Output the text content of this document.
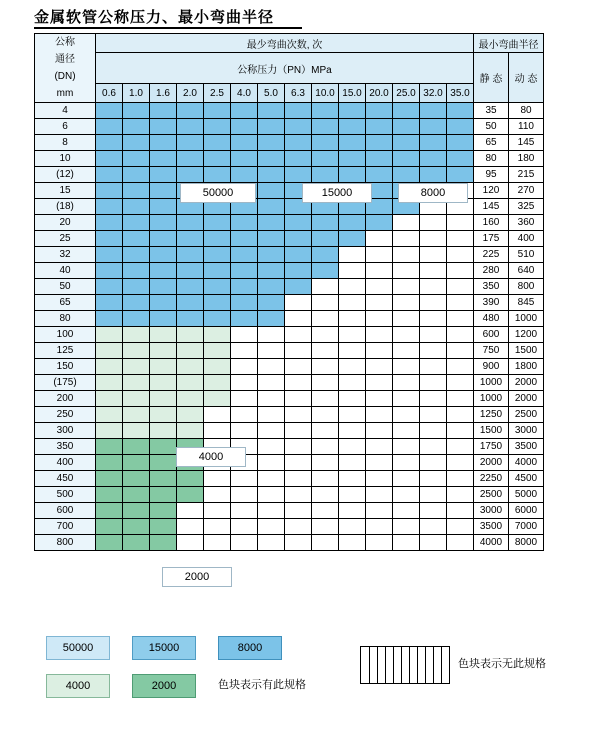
金属软管公称压力、最小弯曲半径
公称
通径
(DN)
mm	最少弯曲次数, 次														最小弯曲半径	
	公称压力（PN）MPa														静 态	动 态
	0.6	1.0	1.6	2.0	2.5	4.0	5.0	6.3	10.0	15.0	20.0	25.0	32.0	35.0		
4															35	80
6															50	110
8															65	145
10															80	180
(12)															95	215
15															120	270
(18)															145	325
20															160	360
25															175	400
32															225	510
40															280	640
50															350	800
65															390	845
80															480	1000
100															600	1200
125															750	1500
150															900	1800
(175)															1000	2000
200															1000	2000
250															1250	2500
300															1500	3000
350															1750	3500
400															2000	4000
450															2250	4500
500															2500	5000
600															3000	6000
700															3500	7000
800															4000	8000
50000	15000	8000
4000
2000
50000	15000	8000
4000	2000	色块表示有此规格
色块表示无此规格
